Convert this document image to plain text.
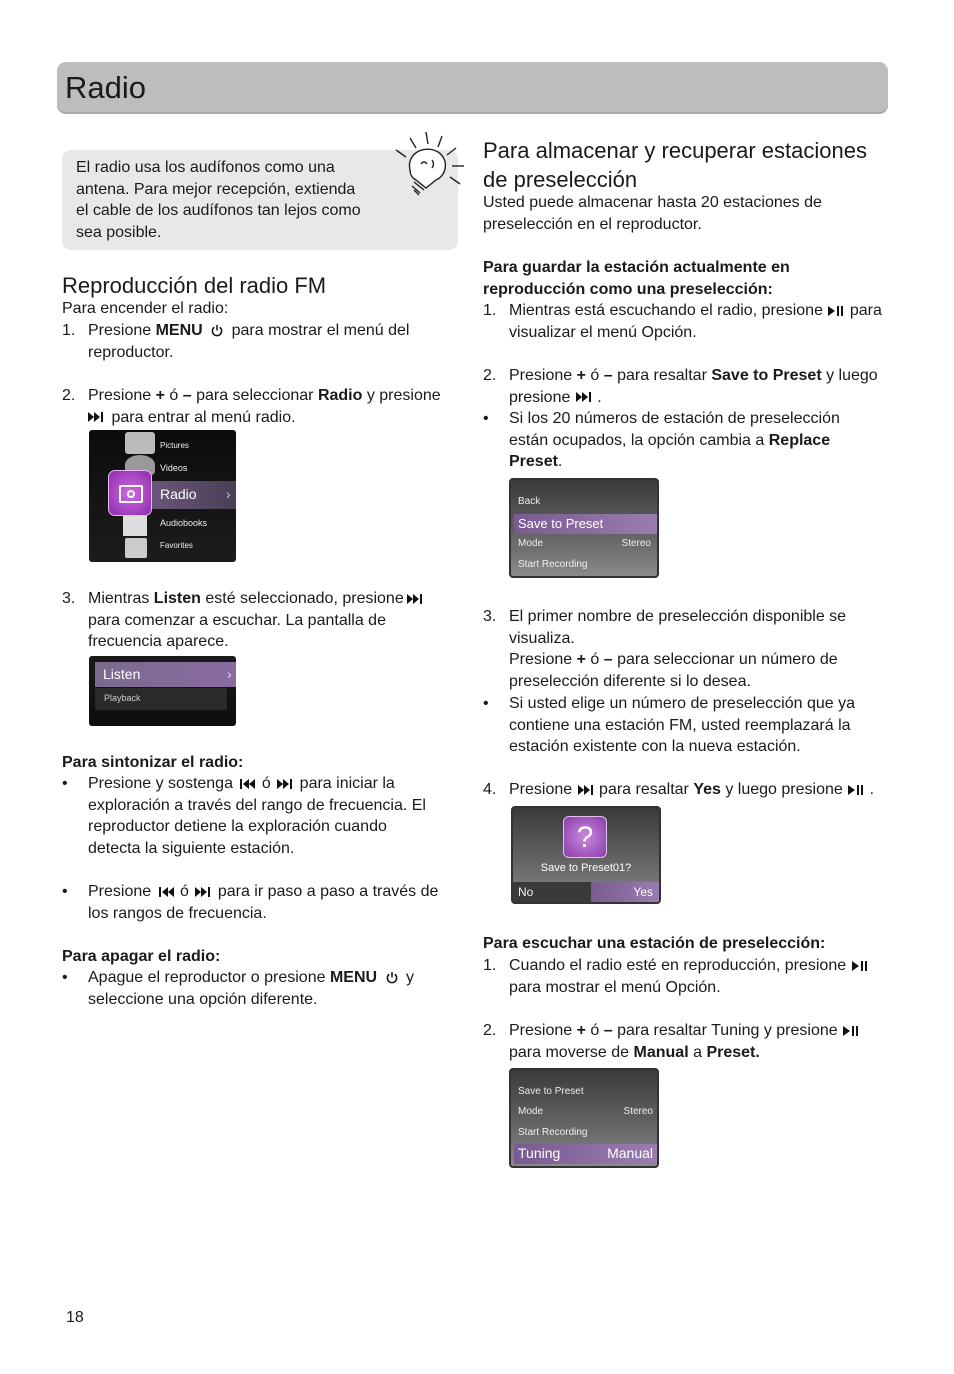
Radio
El radio usa los audífonos como una
antena. Para mejor recepción, extienda
el cable de los audífonos tan lejos como
sea posible.
Reproducción del radio FM
Para encender el radio:
1. Presione MENU  para mostrar el menú del
reproductor.
2. Presione + ó – para seleccionar Radio y presione
para entrar al menú radio.
Pictures
Videos
Radio ›
Audiobooks
Favorites
3. Mientras Listen esté seleccionado, presione
para comenzar a escuchar. La pantalla de
frecuencia aparece.
Listen	›
Playback
Para sintonizar el radio:
•	Presione y sostenga  ó  para iniciar la
exploración a través del rango de frecuencia. El
reproductor detiene la exploración cuando
detecta la siguiente estación.
•	Presione  ó  para ir paso a paso a través de
los rangos de frecuencia.
Para apagar el radio:
•	Apague el reproductor o presione MENU  y
seleccione una opción diferente.
Para almacenar y recuperar estaciones
de preselección
Usted puede almacenar hasta 20 estaciones de
preselección en el reproductor.
Para guardar la estación actualmente en
reproducción como una preselección:
1. Mientras está escuchando el radio, presione  para
visualizar el menú Opción.
2. Presione + ó – para resaltar Save to Preset y luego
presione  .
•	Si los 20 números de estación de preselección
están ocupados, la opción cambia a Replace
Preset.
Back
Save to Preset
Mode	Stereo
Start Recording
3. El primer nombre de preselección disponible se
visualiza.
Presione + ó – para seleccionar un número de
preselección diferente si lo desea.
•	Si usted elige un número de preselección que ya
contiene una estación FM, usted reemplazará la
estación existente con la nueva estación.
4. Presione  para resaltar Yes y luego presione  .
?
Save to Preset01?
No	Yes
Para escuchar una estación de preselección:
1. Cuando el radio esté en reproducción, presione
para mostrar el menú Opción.
2. Presione + ó – para resaltar Tuning y presione
para moverse de Manual a Preset.
Save to Preset
Mode	Stereo
Start Recording
Tuning	Manual
18
